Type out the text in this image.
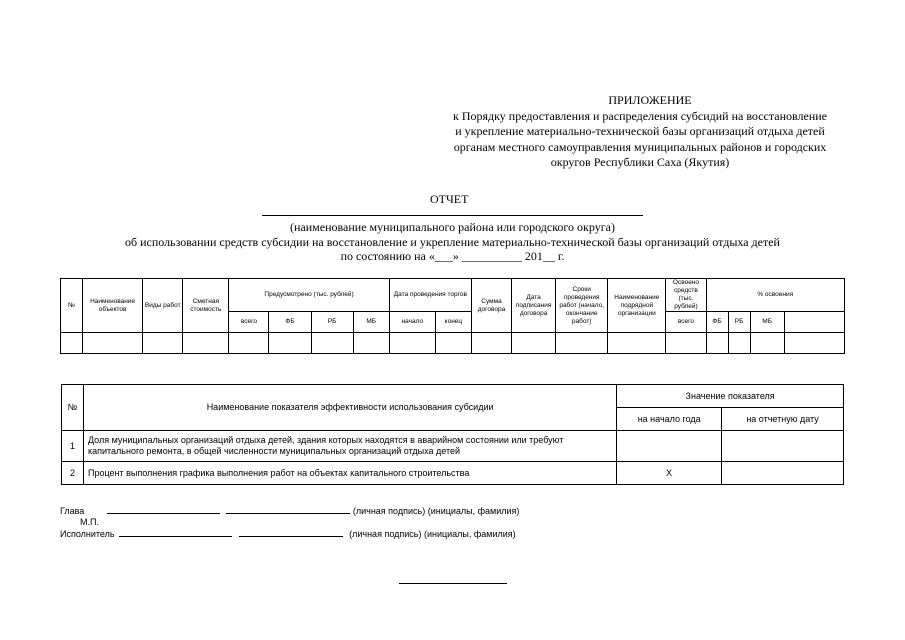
ПРИЛОЖЕНИЕ
к Порядку предоставления и распределения субсидий на восстановление
и укрепление материально-технической базы организаций отдыха детей
органам местного самоуправления муниципальных районов и городских
округов Республики Саха (Якутия)
ОТЧЕТ
(наименование муниципального района или городского округа)
об использовании средств субсидии на восстановление и укрепление материально-технической базы организаций отдыха детей
по состоянию на «___» __________ 201__ г.
№	Наименование объектов	Виды работ	Сметная стоимость	Предусмотрено (тыс. рублей)				Дата проведения торгов		Сумма договора	Дата подписания договора	Сроки проведения работ (начало, окончание работ)	Наименование подрядной организации	Освоено средств (тыс. рублей)	% освоения			
				всего	ФБ	РБ	МБ	начало	конец					всего	ФБ	РБ	МБ	

№	Наименование показателя эффективности использования субсидии	Значение показателя	
		на начало года	на отчетную дату
1	Доля муниципальных организаций отдыха детей, здания которых находятся в аварийном состоянии или требуют капитального ремонта, в общей численности муниципальных организаций отдыха детей		
2	Процент выполнения графика выполнения работ на объектах капитального строительства	Х	
Глава	(личная подпись) (инициалы, фамилия)
М.П.
Исполнитель	(личная подпись) (инициалы, фамилия)
